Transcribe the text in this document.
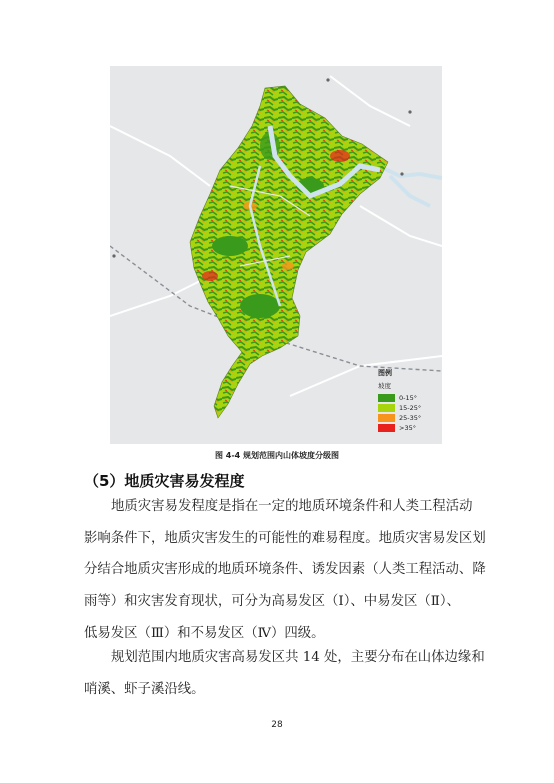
图例
坡度
0-15°
15-25°
25-35°
>35°
图 4-4 规划范围内山体坡度分级图
（5）地质灾害易发程度
地质灾害易发程度是指在一定的地质环境条件和人类工程活动
影响条件下，地质灾害发生的可能性的难易程度。地质灾害易发区划
分结合地质灾害形成的地质环境条件、诱发因素（人类工程活动、降
雨等）和灾害发育现状，可分为高易发区（Ⅰ）、中易发区（Ⅱ）、
低易发区（Ⅲ）和不易发区（Ⅳ）四级。
规划范围内地质灾害高易发区共 14 处，主要分布在山体边缘和
哨溪、虾子溪沿线。
28
